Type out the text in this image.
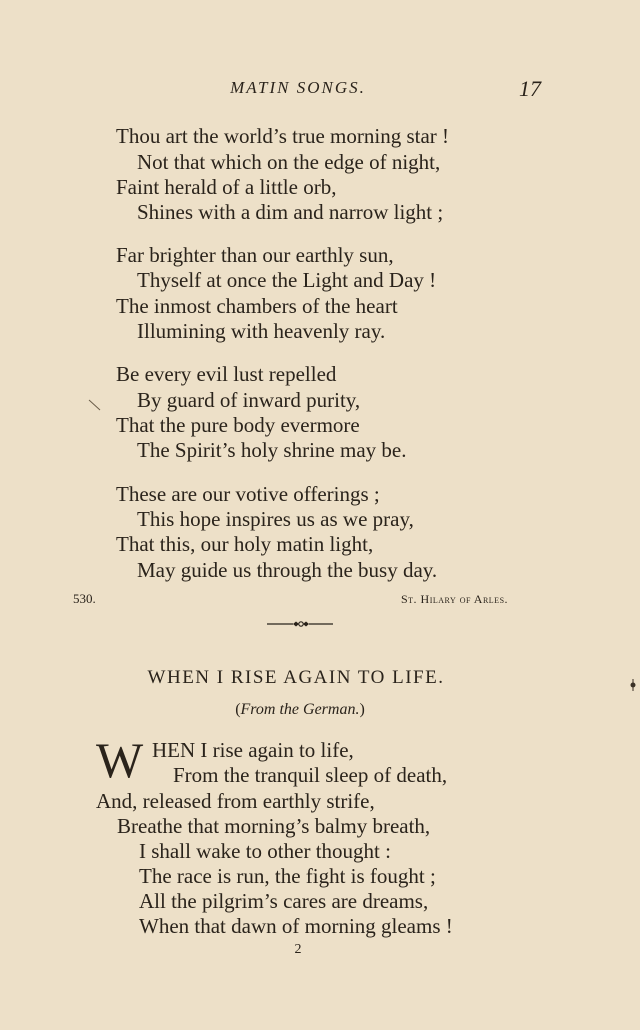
MATIN SONGS.	17
Thou art the world’s true morning star !
Not that which on the edge of night,
Faint herald of a little orb,
Shines with a dim and narrow light ;
Far brighter than our earthly sun,
Thyself at once the Light and Day !
The inmost chambers of the heart
Illumining with heavenly ray.
Be every evil lust repelled
By guard of inward purity,
That the pure body evermore
The Spirit’s holy shrine may be.
These are our votive offerings ;
This hope inspires us as we pray,
That this, our holy matin light,
May guide us through the busy day.
530.	St. Hilary of Arles.
WHEN I RISE AGAIN TO LIFE.
(From the German.)
W HEN I rise again to life,
From the tranquil sleep of death,
And, released from earthly strife,
Breathe that morning’s balmy breath,
I shall wake to other thought :
The race is run, the fight is fought ;
All the pilgrim’s cares are dreams,
When that dawn of morning gleams !
2
